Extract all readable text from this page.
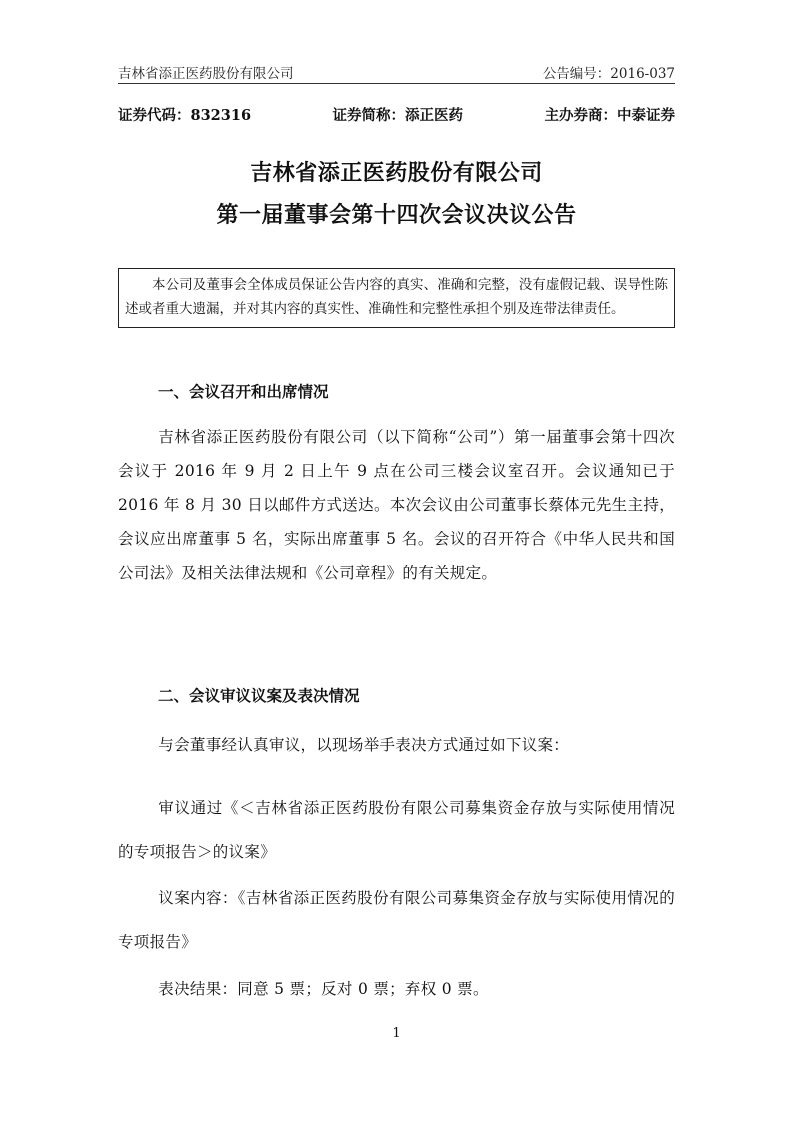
吉林省添正医药股份有限公司	公告编号：2016-037
证券代码：832316	证券简称：添正医药	主办券商：中泰证券
吉林省添正医药股份有限公司
第一届董事会第十四次会议决议公告
本公司及董事会全体成员保证公告内容的真实、准确和完整，没有虚假记载、误导性陈述或者重大遗漏，并对其内容的真实性、准确性和完整性承担个别及连带法律责任。
一、会议召开和出席情况
吉林省添正医药股份有限公司（以下简称“公司”）第一届董事会第十四次会议于 2016 年 9 月 2 日上午 9 点在公司三楼会议室召开。会议通知已于 2016 年 8 月 30 日以邮件方式送达。本次会议由公司董事长蔡体元先生主持，会议应出席董事 5 名，实际出席董事 5 名。会议的召开符合《中华人民共和国公司法》及相关法律法规和《公司章程》的有关规定。
二、会议审议议案及表决情况
与会董事经认真审议，以现场举手表决方式通过如下议案：
审议通过《＜吉林省添正医药股份有限公司募集资金存放与实际使用情况的专项报告＞的议案》
议案内容：《吉林省添正医药股份有限公司募集资金存放与实际使用情况的专项报告》
表决结果：同意 5 票；反对 0 票；弃权 0 票。
1
